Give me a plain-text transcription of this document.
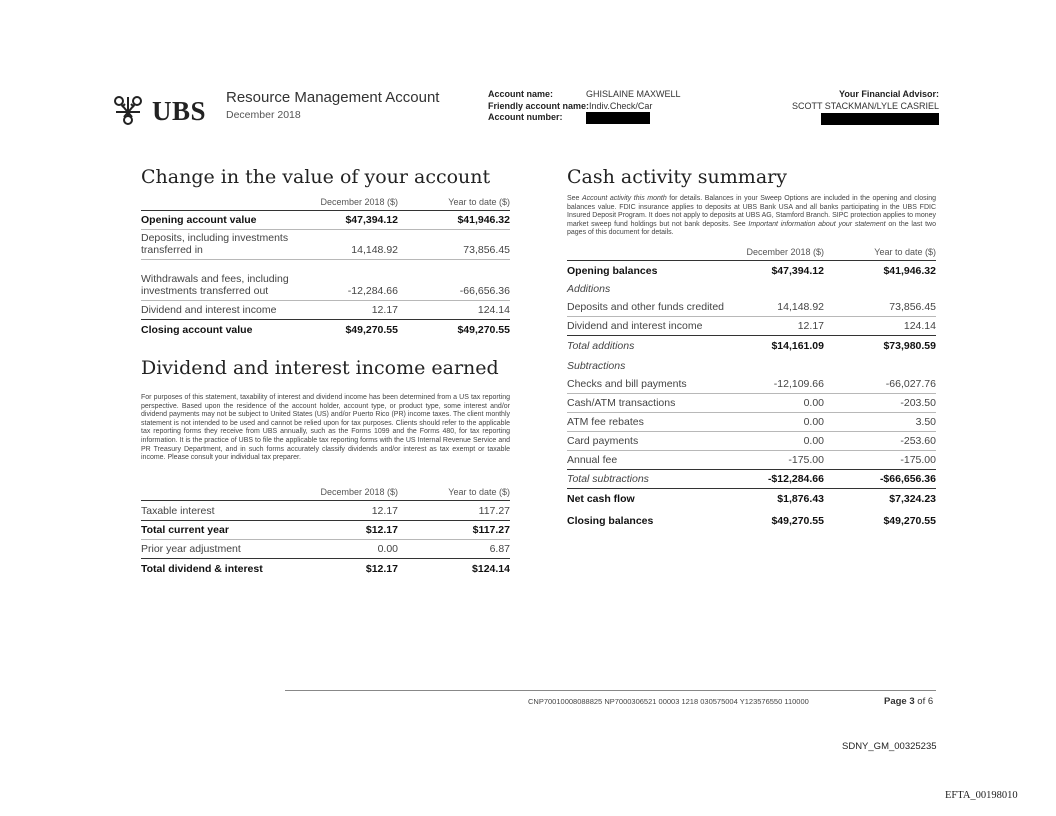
UBS Resource Management Account
December 2018
Account name:	GHISLAINE MAXWELL
Friendly account name:Indiv.Check/Car
Account number:
Your Financial Advisor:
SCOTT STACKMAN/LYLE CASRIEL
Change in the value of your account
December 2018 ($)	Year to date ($)
Opening account value	$47,394.12	$41,946.32
Deposits, including investments transferred in	14,148.92	73,856.45
Withdrawals and fees, including investments transferred out	-12,284.66	-66,656.36
Dividend and interest income	12.17	124.14
Closing account value	$49,270.55	$49,270.55
Dividend and interest income earned
For purposes of this statement, taxability of interest and dividend income has been determined from a US tax reporting perspective. Based upon the residence of the account holder, account type, or product type, some interest and/or dividend payments may not be subject to United States (US) and/or Puerto Rico (PR) income taxes. The client monthly statement is not intended to be used and cannot be relied upon for tax purposes. Clients should refer to the applicable tax reporting forms they receive from UBS annually, such as the Forms 1099 and the Forms 480, for tax reporting information. It is the practice of UBS to file the applicable tax reporting forms with the US Internal Revenue Service and PR Treasury Department, and in such forms accurately classify dividends and/or interest as tax exempt or taxable income. Please consult your individual tax preparer.
December 2018 ($)	Year to date ($)
Taxable interest	12.17	117.27
Total current year	$12.17	$117.27
Prior year adjustment	0.00	6.87
Total dividend & interest	$12.17	$124.14
Cash activity summary
See Account activity this month for details. Balances in your Sweep Options are included in the opening and closing balances value. FDIC insurance applies to deposits at UBS Bank USA and all banks participating in the UBS FDIC Insured Deposit Program. It does not apply to deposits at UBS AG, Stamford Branch. SIPC protection applies to money market sweep fund holdings but not bank deposits. See Important information about your statement on the last two pages of this document for details.
December 2018 ($)	Year to date ($)
Opening balances	$47,394.12	$41,946.32
Additions
Deposits and other funds credited	14,148.92	73,856.45
Dividend and interest income	12.17	124.14
Total additions	$14,161.09	$73,980.59
Subtractions
Checks and bill payments	-12,109.66	-66,027.76
Cash/ATM transactions	0.00	-203.50
ATM fee rebates	0.00	3.50
Card payments	0.00	-253.60
Annual fee	-175.00	-175.00
Total subtractions	-$12,284.66	-$66,656.36
Net cash flow	$1,876.43	$7,324.23
Closing balances	$49,270.55	$49,270.55
CNP70010008088825 NP7000306521 00003 1218 030575004 Y123576550 110000	Page 3 of 6
SDNY_GM_00325235
EFTA_00198010
